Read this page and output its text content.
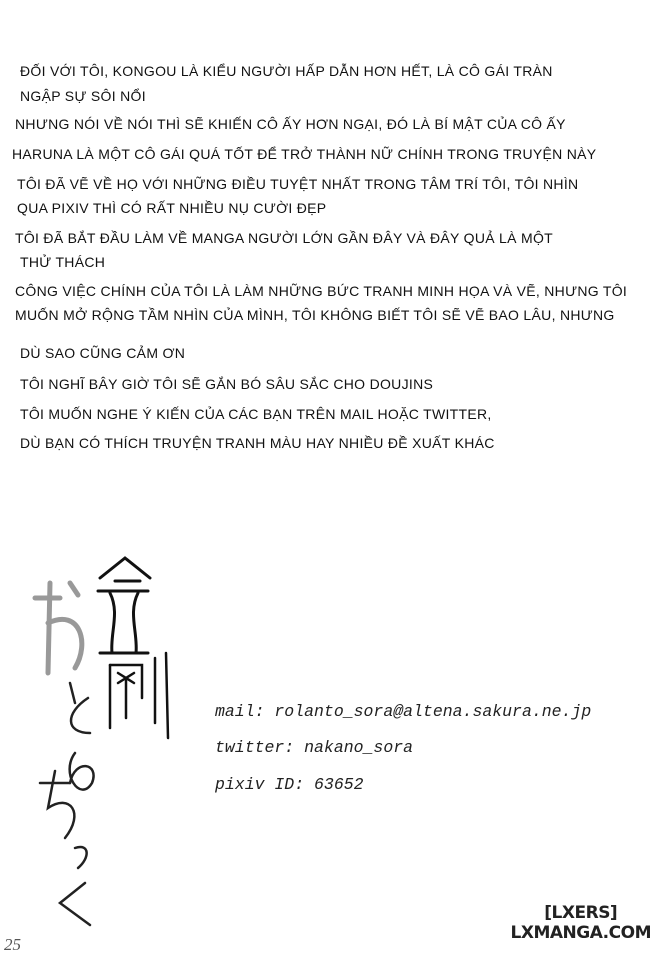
ĐỐI VỚI TÔI, KONGOU LÀ KIỂU NGƯỜI HẤP DẪN HƠN HẾT, LÀ CÔ GÁI TRÀN
NGẬP SỰ SÔI NỔI
NHƯNG NÓI VỀ NÓI THÌ SẼ KHIẾN CÔ ẤY HƠN NGẠI, ĐÓ LÀ BÍ MẬT CỦA CÔ ẤY
HARUNA LÀ MỘT CÔ GÁI QUÁ TỐT ĐỂ TRỞ THÀNH NỮ CHÍNH TRONG TRUYỆN NÀY
TÔI ĐÃ VẼ VỀ HỌ VỚI NHỮNG ĐIỀU TUYỆT NHẤT TRONG TÂM TRÍ TÔI, TÔI NHÌN
QUA PIXIV THÌ CÓ RẤT NHIỀU NỤ CƯỜI ĐẸP
TÔI ĐÃ BẮT ĐẦU LÀM VỀ MANGA NGƯỜI LỚN GẦN ĐÂY VÀ ĐÂY QUẢ LÀ MỘT
THỬ THÁCH
CÔNG VIỆC CHÍNH CỦA TÔI LÀ LÀM NHỮNG BỨC TRANH MINH HỌA VÀ VẼ, NHƯNG TÔI
MUỐN MỞ RỘNG TẦM NHÌN CỦA MÌNH, TÔI KHÔNG BIẾT TÔI SẼ VẼ BAO LÂU, NHƯNG
DÙ SAO CŨNG CẢM ƠN
TÔI NGHĨ BÂY GIỜ TÔI SẼ GẮN BÓ SÂU SẮC CHO DOUJINS
TÔI MUỐN NGHE Ý KIẾN CỦA CÁC BẠN TRÊN MAIL HOẶC TWITTER,
DÙ BẠN CÓ THÍCH TRUYỆN TRANH MÀU HAY NHIỀU ĐỀ XUẤT KHÁC
mail: rolanto_sora@altena.sakura.ne.jp
twitter: nakano_sora
pixiv ID: 63652
[LXERS]
LXMANGA.COM
25
